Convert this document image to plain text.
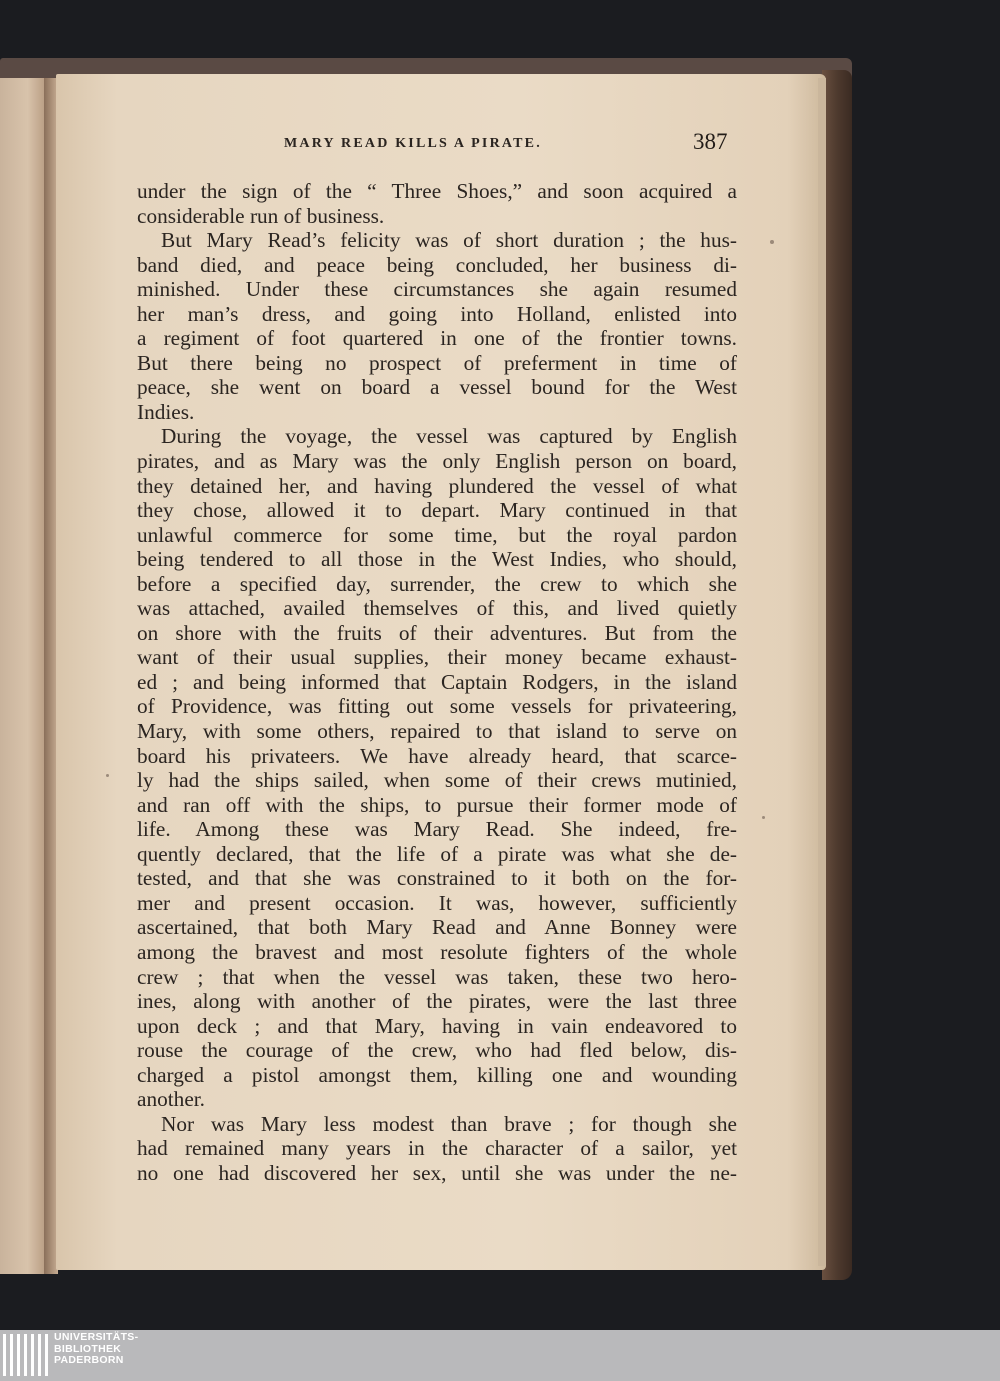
MARY READ KILLS A PIRATE.	387
under the sign of the “ Three Shoes,” and soon acquired a
considerable run of business.
But Mary Read’s felicity was of short duration ; the hus-
band died, and peace being concluded, her business di-
minished. Under these circumstances she again resumed
her man’s dress, and going into Holland, enlisted into
a regiment of foot quartered in one of the frontier towns.
But there being no prospect of preferment in time of
peace, she went on board a vessel bound for the West
Indies.
During the voyage, the vessel was captured by English
pirates, and as Mary was the only English person on board,
they detained her, and having plundered the vessel of what
they chose, allowed it to depart. Mary continued in that
unlawful commerce for some time, but the royal pardon
being tendered to all those in the West Indies, who should,
before a specified day, surrender, the crew to which she
was attached, availed themselves of this, and lived quietly
on shore with the fruits of their adventures. But from the
want of their usual supplies, their money became exhaust-
ed ; and being informed that Captain Rodgers, in the island
of Providence, was fitting out some vessels for privateering,
Mary, with some others, repaired to that island to serve on
board his privateers. We have already heard, that scarce-
ly had the ships sailed, when some of their crews mutinied,
and ran off with the ships, to pursue their former mode of
life. Among these was Mary Read. She indeed, fre-
quently declared, that the life of a pirate was what she de-
tested, and that she was constrained to it both on the for-
mer and present occasion. It was, however, sufficiently
ascertained, that both Mary Read and Anne Bonney were
among the bravest and most resolute fighters of the whole
crew ; that when the vessel was taken, these two hero-
ines, along with another of the pirates, were the last three
upon deck ; and that Mary, having in vain endeavored to
rouse the courage of the crew, who had fled below, dis-
charged a pistol amongst them, killing one and wounding
another.
Nor was Mary less modest than brave ; for though she
had remained many years in the character of a sailor, yet
no one had discovered her sex, until she was under the ne-
UNIVERSITÄTS-
BIBLIOTHEK
PADERBORN
